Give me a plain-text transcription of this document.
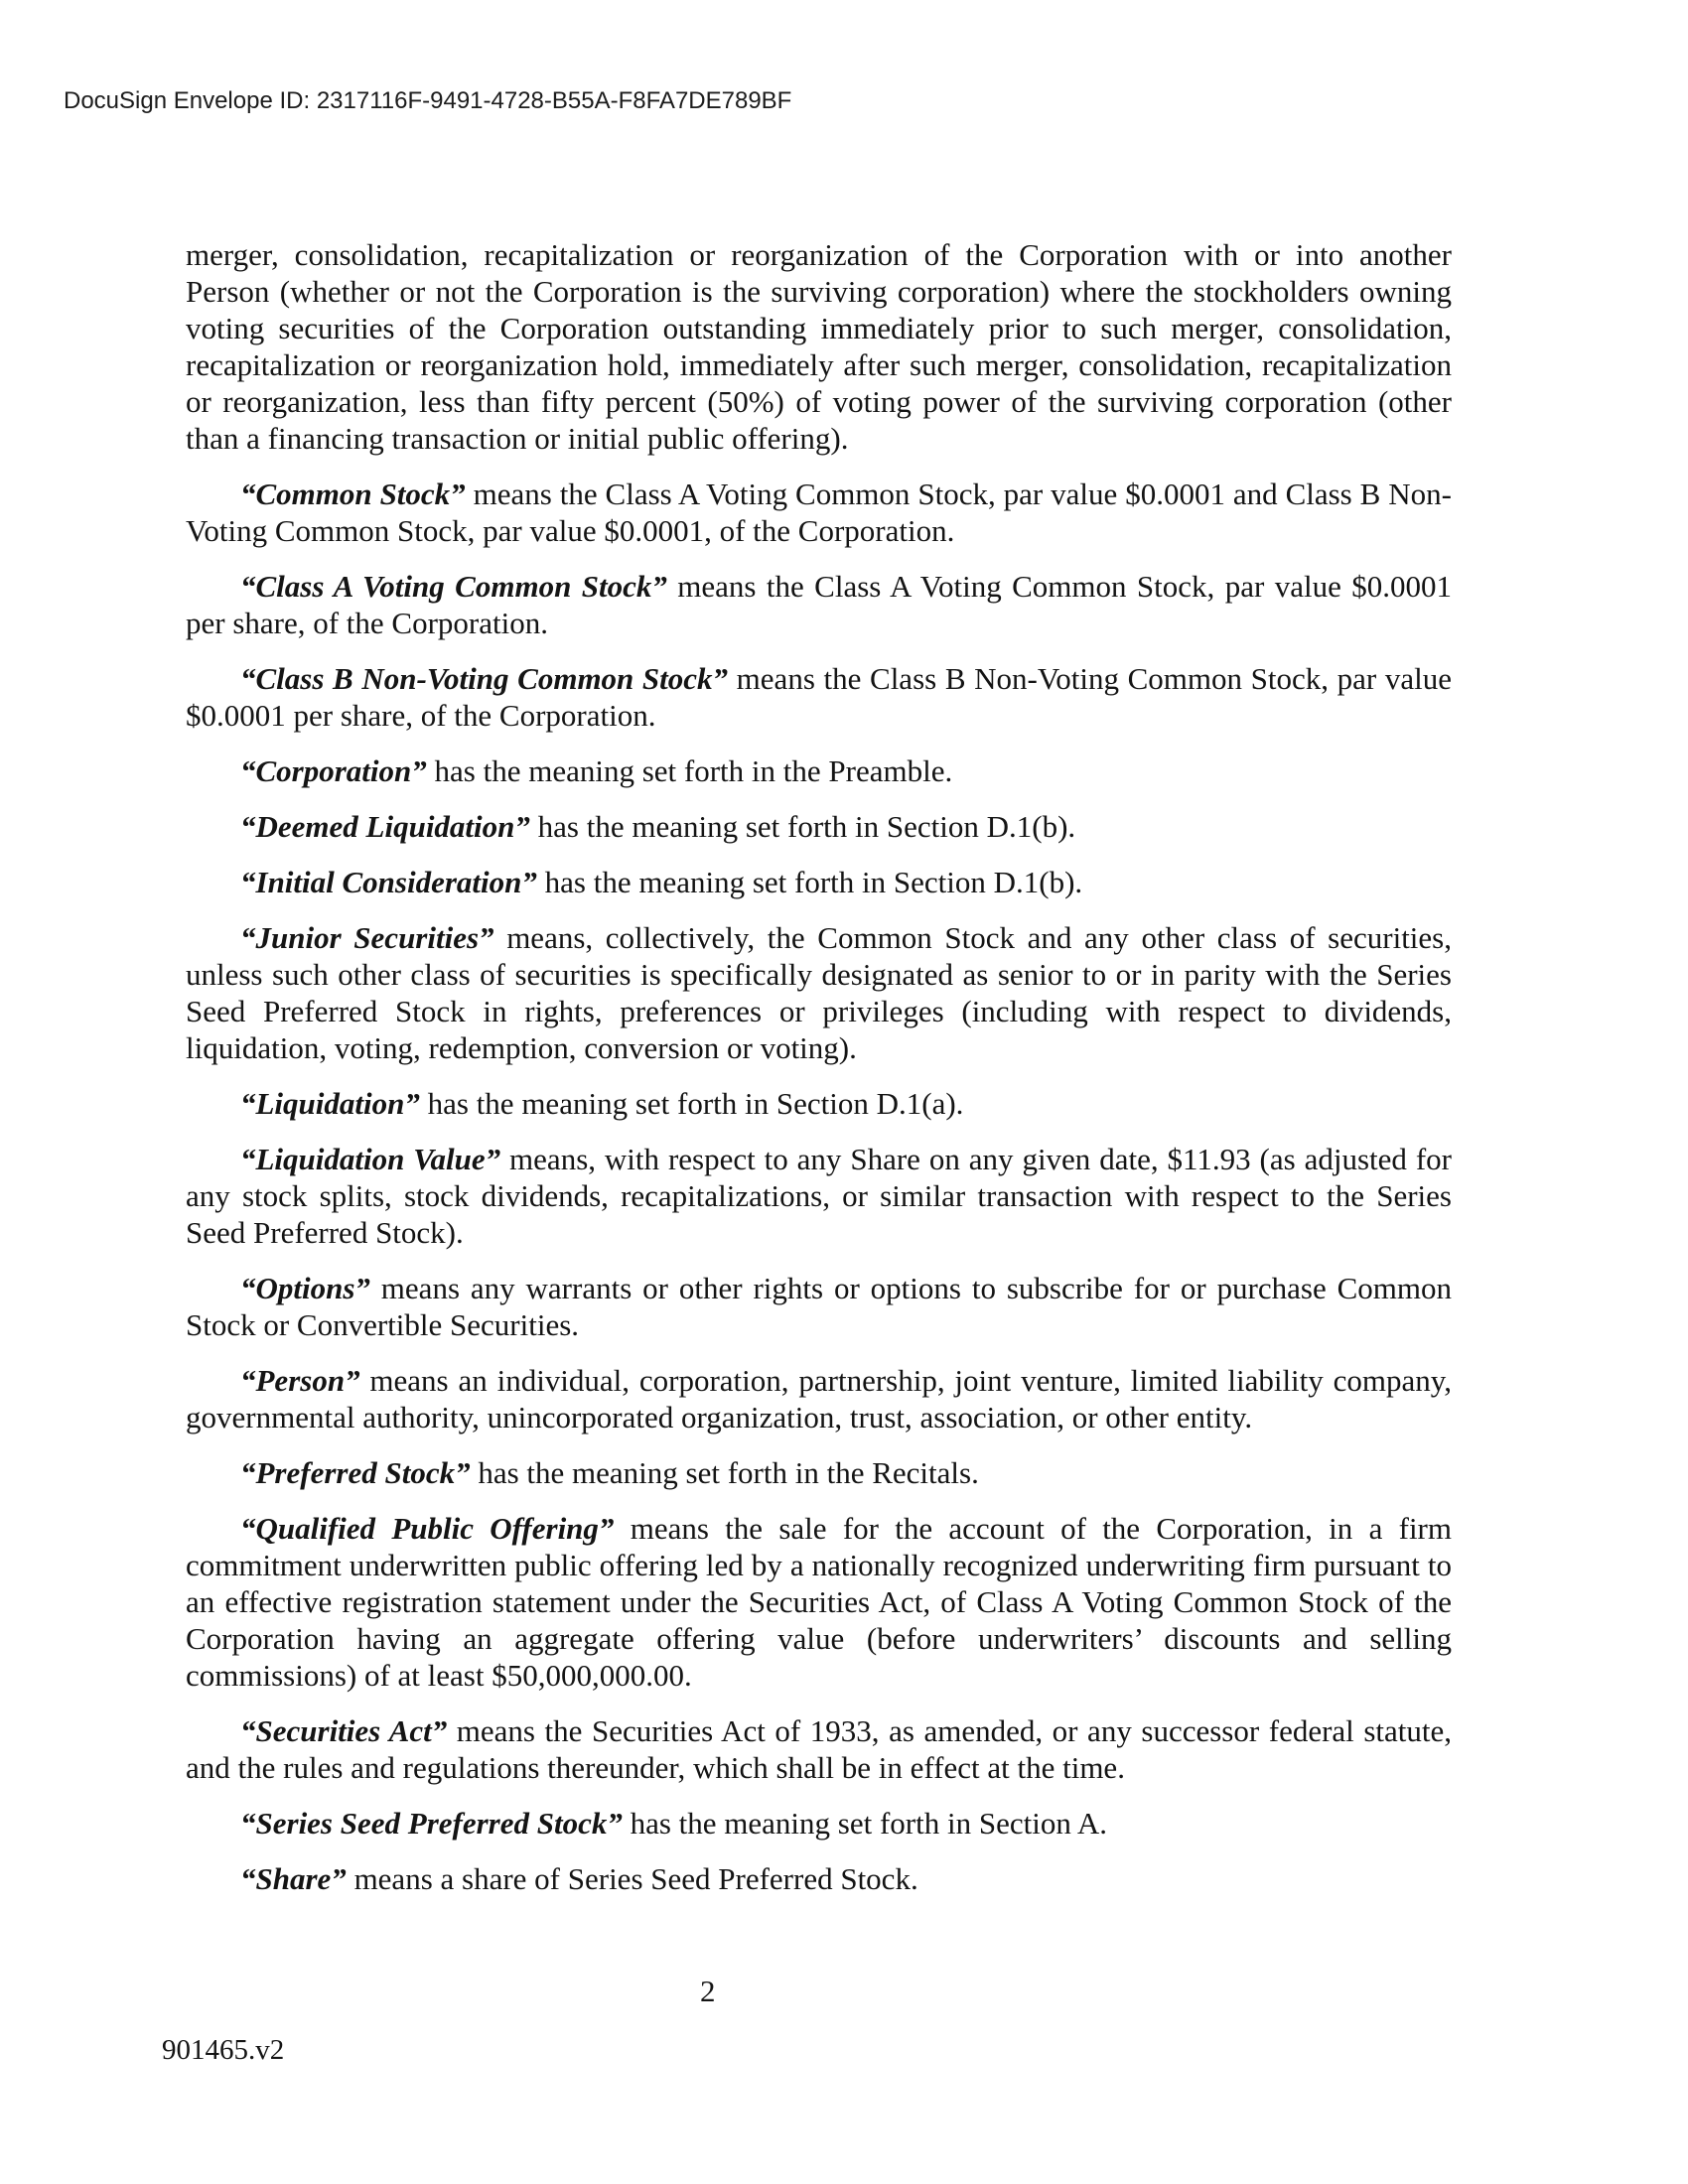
DocuSign Envelope ID: 2317116F-9491-4728-B55A-F8FA7DE789BF

merger, consolidation, recapitalization or reorganization of the Corporation with or into another Person (whether or not the Corporation is the surviving corporation) where the stockholders owning voting securities of the Corporation outstanding immediately prior to such merger, consolidation, recapitalization or reorganization hold, immediately after such merger, consolidation, recapitalization or reorganization, less than fifty percent (50%) of voting power of the surviving corporation (other than a financing transaction or initial public offering).

“Common Stock” means the Class A Voting Common Stock, par value $0.0001 and Class B Non-Voting Common Stock, par value $0.0001, of the Corporation.

“Class A Voting Common Stock” means the Class A Voting Common Stock, par value $0.0001 per share, of the Corporation.

“Class B Non-Voting Common Stock” means the Class B Non-Voting Common Stock, par value $0.0001 per share, of the Corporation.

“Corporation” has the meaning set forth in the Preamble.

“Deemed Liquidation” has the meaning set forth in Section D.1(b).

“Initial Consideration” has the meaning set forth in Section D.1(b).

“Junior Securities” means, collectively, the Common Stock and any other class of securities, unless such other class of securities is specifically designated as senior to or in parity with the Series Seed Preferred Stock in rights, preferences or privileges (including with respect to dividends, liquidation, voting, redemption, conversion or voting).

“Liquidation” has the meaning set forth in Section D.1(a).

“Liquidation Value” means, with respect to any Share on any given date, $11.93 (as adjusted for any stock splits, stock dividends, recapitalizations, or similar transaction with respect to the Series Seed Preferred Stock).

“Options” means any warrants or other rights or options to subscribe for or purchase Common Stock or Convertible Securities.

“Person” means an individual, corporation, partnership, joint venture, limited liability company, governmental authority, unincorporated organization, trust, association, or other entity.

“Preferred Stock” has the meaning set forth in the Recitals.

“Qualified Public Offering” means the sale for the account of the Corporation, in a firm commitment underwritten public offering led by a nationally recognized underwriting firm pursuant to an effective registration statement under the Securities Act, of Class A Voting Common Stock of the Corporation having an aggregate offering value (before underwriters’ discounts and selling commissions) of at least $50,000,000.00.

“Securities Act” means the Securities Act of 1933, as amended, or any successor federal statute, and the rules and regulations thereunder, which shall be in effect at the time.

“Series Seed Preferred Stock” has the meaning set forth in Section A.

“Share” means a share of Series Seed Preferred Stock.

2
901465.v2
